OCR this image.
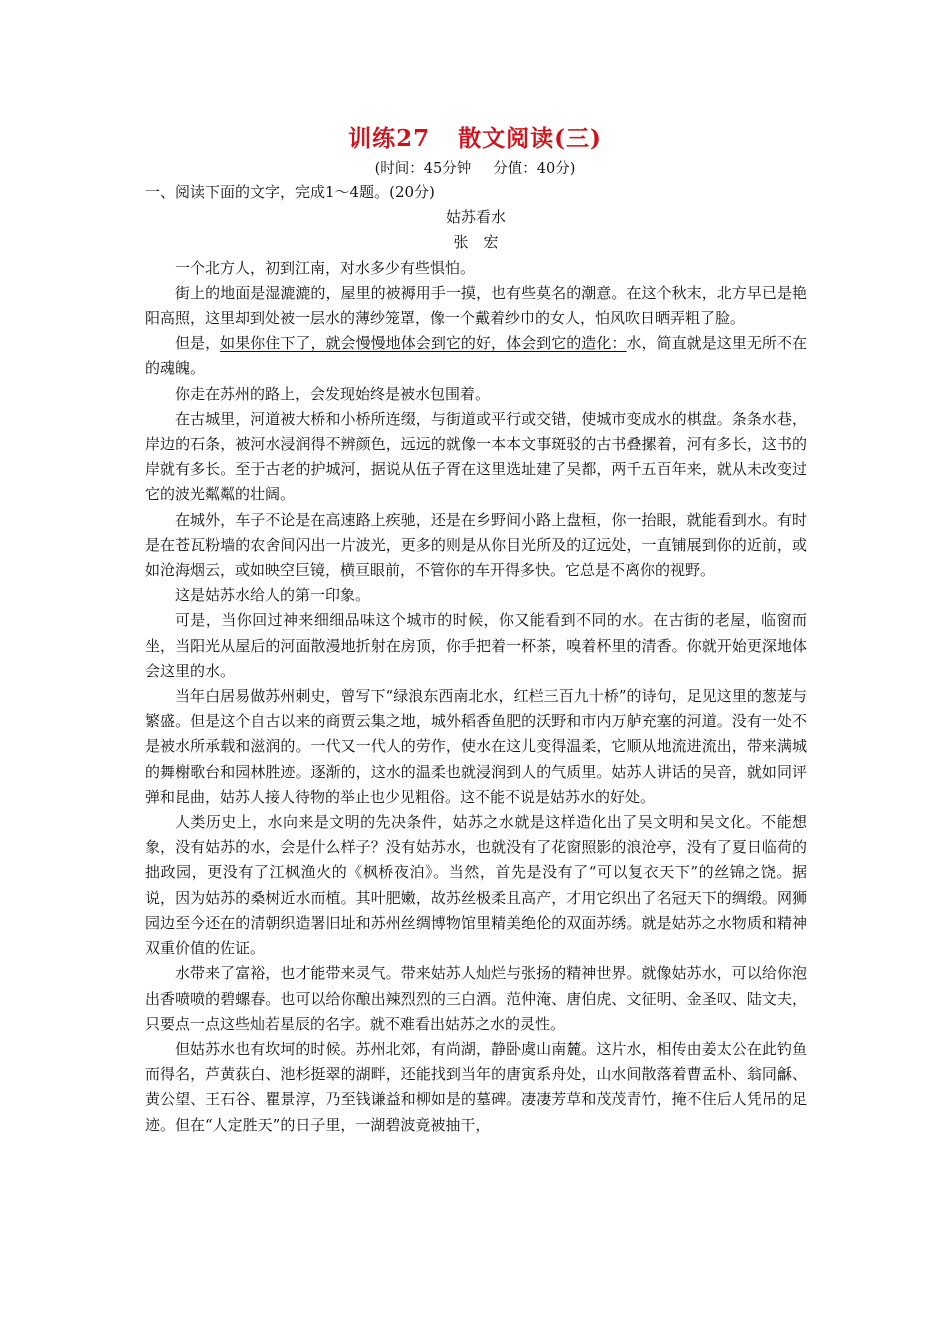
训练27 散文阅读(三)
(时间：45分钟 分值：40分)

一、阅读下面的文字，完成1～4题。(20分)

姑苏看水

张　宏

一个北方人，初到江南，对水多少有些惧怕。

街上的地面是湿漉漉的，屋里的被褥用手一摸，也有些莫名的潮意。在这个秋末，北方早已是艳阳高照，这里却到处被一层水的薄纱笼罩，像一个戴着纱巾的女人，怕风吹日晒弄粗了脸。

但是，如果你住下了，就会慢慢地体会到它的好，体会到它的造化：水，简直就是这里无所不在的魂魄。

你走在苏州的路上，会发现始终是被水包围着。

在古城里，河道被大桥和小桥所连缀，与街道或平行或交错，使城市变成水的棋盘。条条水巷，岸边的石条，被河水浸润得不辨颜色，远远的就像一本本文事斑驳的古书叠摞着，河有多长，这书的岸就有多长。至于古老的护城河，据说从伍子胥在这里选址建了吴都，两千五百年来，就从未改变过它的波光粼粼的壮阔。

在城外，车子不论是在高速路上疾驰，还是在乡野间小路上盘桓，你一抬眼，就能看到水。有时是在苍瓦粉墙的农舍间闪出一片波光，更多的则是从你目光所及的辽远处，一直铺展到你的近前，或如沧海烟云，或如映空巨镜，横亘眼前，不管你的车开得多快。它总是不离你的视野。

这是姑苏水给人的第一印象。

可是，当你回过神来细细品味这个城市的时候，你又能看到不同的水。在古街的老屋，临窗而坐，当阳光从屋后的河面散漫地折射在房顶，你手把着一杯茶，嗅着杯里的清香。你就开始更深地体会这里的水。

当年白居易做苏州刺史，曾写下“绿浪东西南北水，红栏三百九十桥”的诗句，足见这里的葱茏与繁盛。但是这个自古以来的商贾云集之地，城外稻香鱼肥的沃野和市内万舻充塞的河道。没有一处不是被水所承载和滋润的。一代又一代人的劳作，使水在这儿变得温柔，它顺从地流进流出，带来满城的舞榭歌台和园林胜迹。逐渐的，这水的温柔也就浸润到人的气质里。姑苏人讲话的吴音，就如同评弹和昆曲，姑苏人接人待物的举止也少见粗俗。这不能不说是姑苏水的好处。

人类历史上，水向来是文明的先决条件，姑苏之水就是这样造化出了吴文明和吴文化。不能想象，没有姑苏的水，会是什么样子？没有姑苏水，也就没有了花窗照影的浪沧亭，没有了夏日临荷的拙政园，更没有了江枫渔火的《枫桥夜泊》。当然，首先是没有了“可以复衣天下”的丝锦之饶。据说，因为姑苏的桑树近水而植。其叶肥嫩，故苏丝极柔且高产，才用它织出了名冠天下的绸缎。网狮园边至今还在的清朝织造署旧址和苏州丝绸博物馆里精美绝伦的双面苏绣。就是姑苏之水物质和精神双重价值的佐证。

水带来了富裕，也才能带来灵气。带来姑苏人灿烂与张扬的精神世界。就像姑苏水，可以给你泡出香喷喷的碧螺春。也可以给你酿出辣烈烈的三白酒。范仲淹、唐伯虎、文征明、金圣叹、陆文夫，只要点一点这些灿若星辰的名字。就不难看出姑苏之水的灵性。

但姑苏水也有坎坷的时候。苏州北郊，有尚湖，静卧虞山南麓。这片水，相传由姜太公在此钓鱼而得名，芦黄荻白、池杉挺翠的湖畔，还能找到当年的唐寅系舟处，山水间散落着曹孟朴、翁同龢、黄公望、王石谷、瞿景淳，乃至钱谦益和柳如是的墓碑。凄凄芳草和茂茂青竹，掩不住后人凭吊的足迹。但在“人定胜天”的日子里，一湖碧波竟被抽干，
